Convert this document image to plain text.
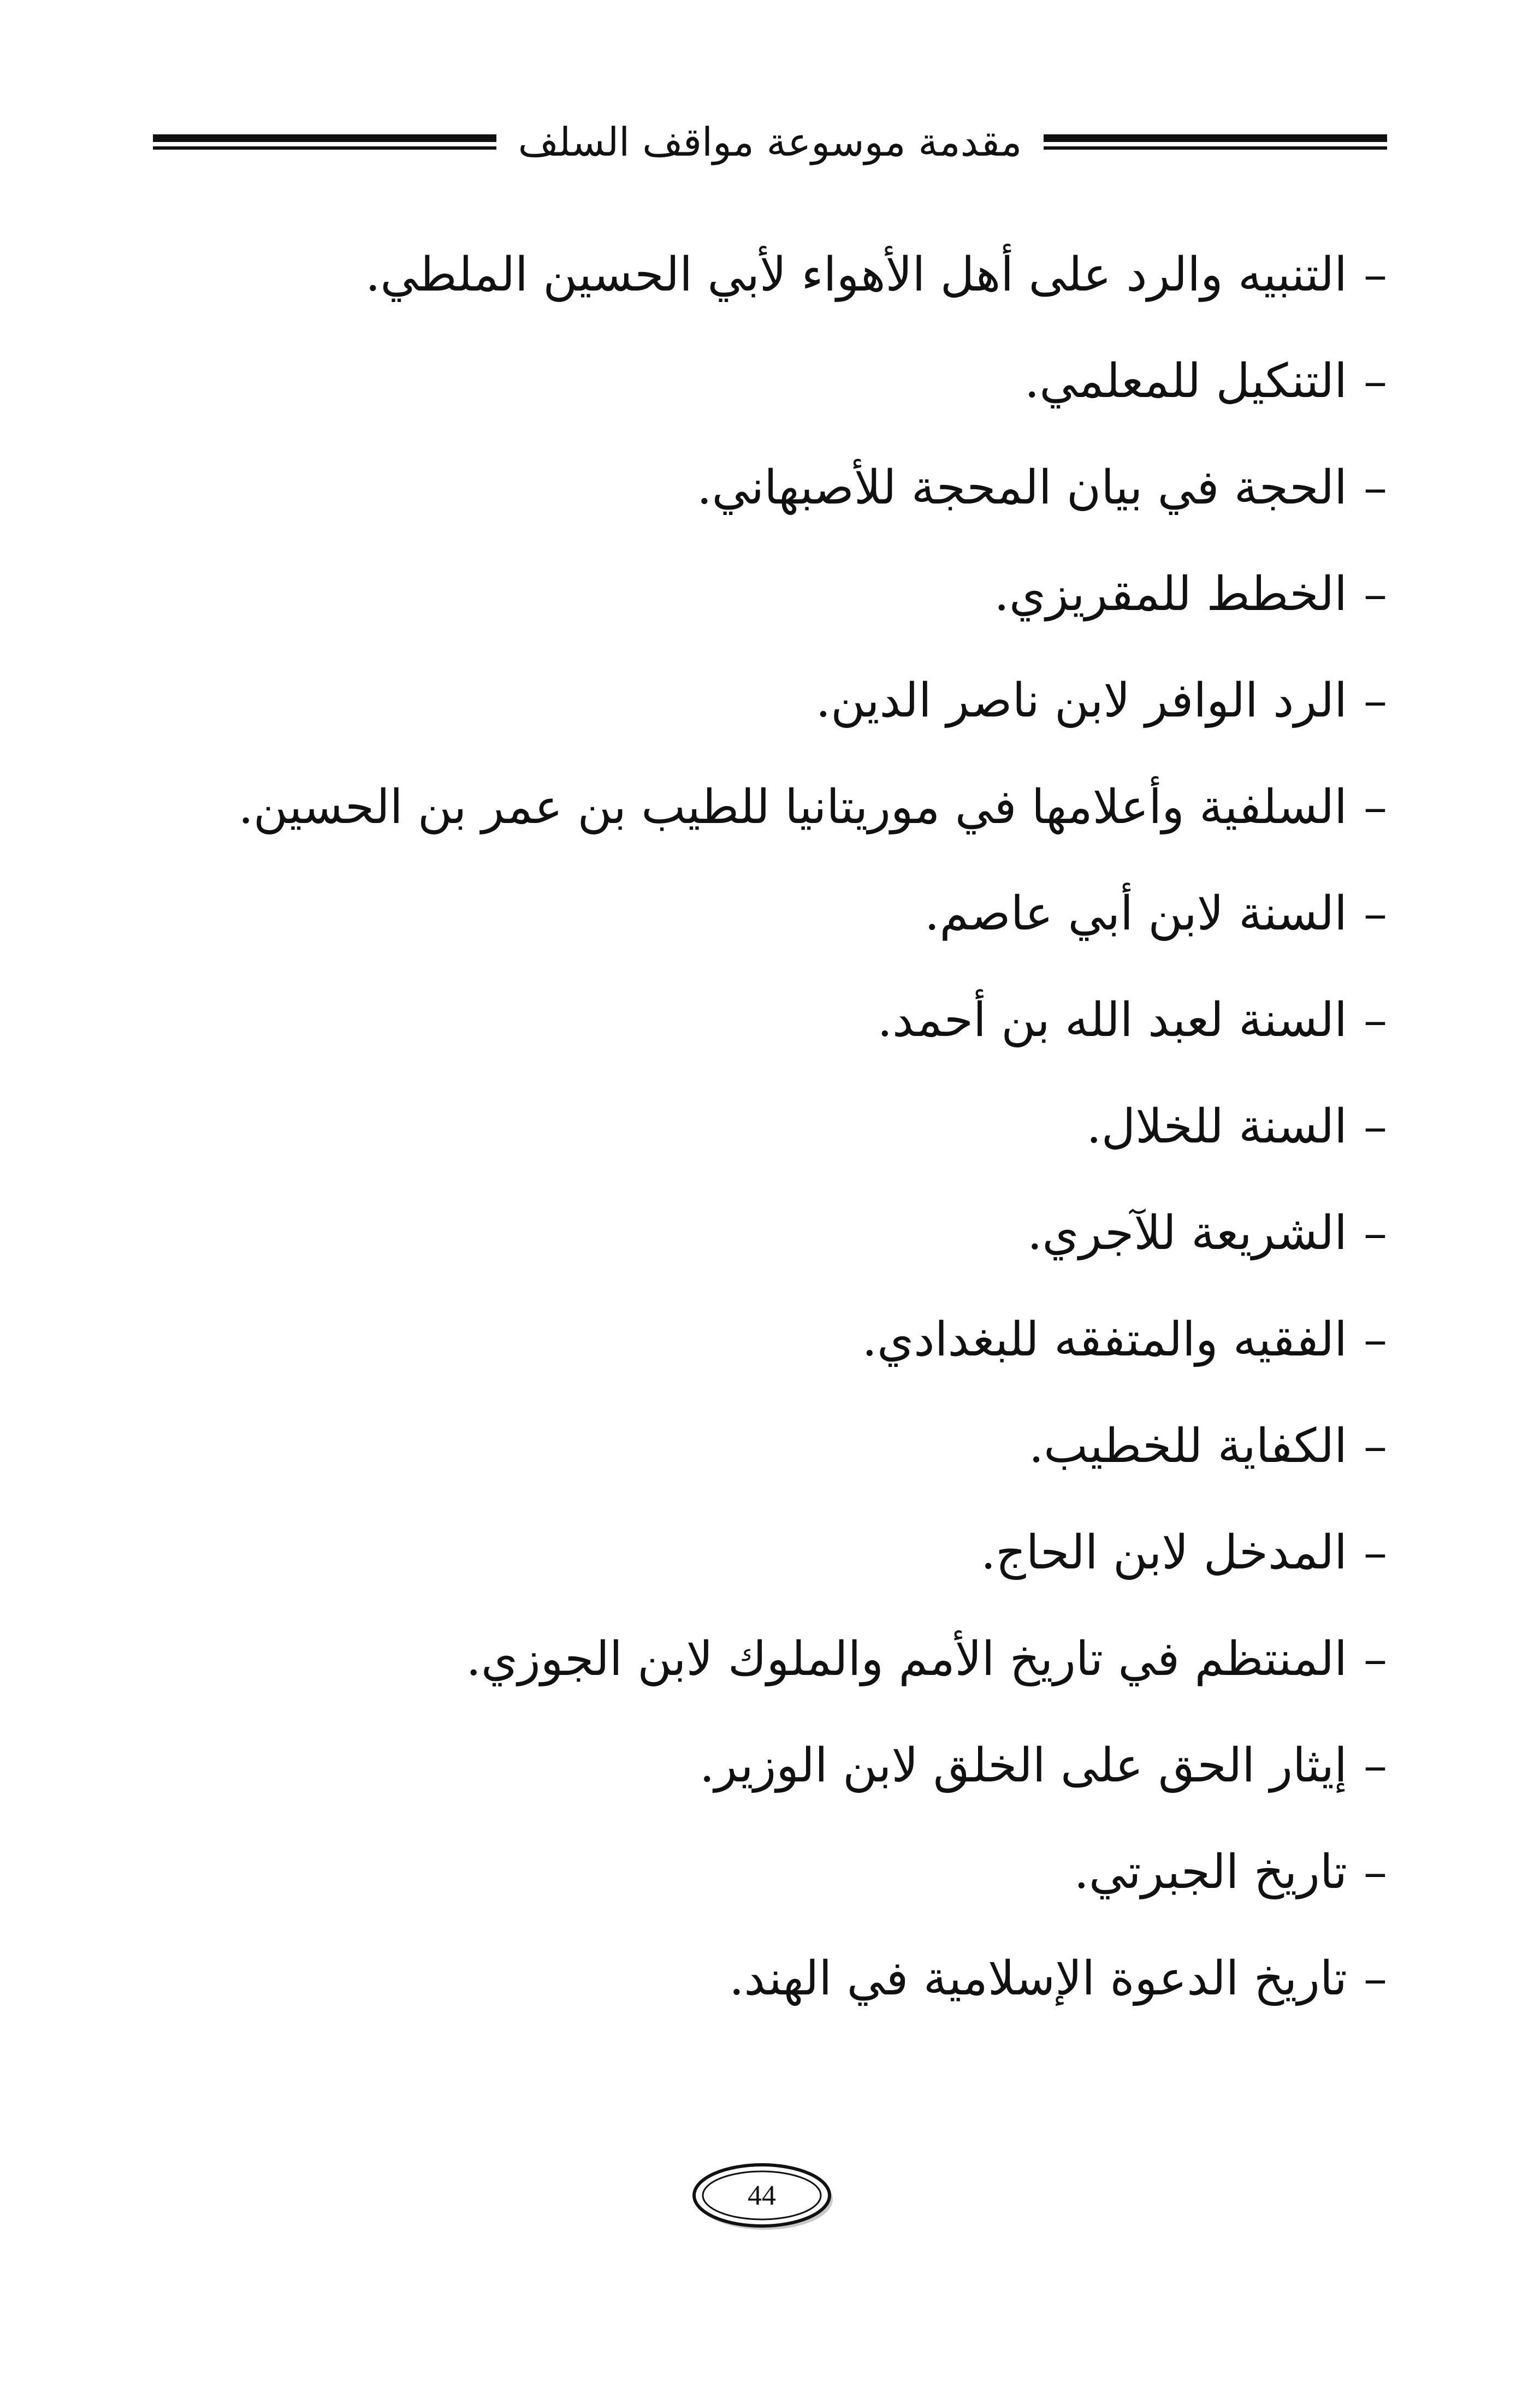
مقدمة موسوعة مواقف السلف
–
التنبيه والرد على أهل الأهواء لأبي الحسين الملطي.
–
التنكيل للمعلمي.
–
الحجة في بيان المحجة للأصبهاني.
–
الخطط للمقريزي.
–
الرد الوافر لابن ناصر الدين.
–
السلفية وأعلامها في موريتانيا للطيب بن عمر بن الحسين.
–
السنة لابن أبي عاصم.
–
السنة لعبد الله بن أحمد.
–
السنة للخلال.
–
الشريعة للآجري.
–
الفقيه والمتفقه للبغدادي.
–
الكفاية للخطيب.
–
المدخل لابن الحاج.
–
المنتظم في تاريخ الأمم والملوك لابن الجوزي.
–
إيثار الحق على الخلق لابن الوزير.
–
تاريخ الجبرتي.
–
تاريخ الدعوة الإسلامية في الهند.
44
